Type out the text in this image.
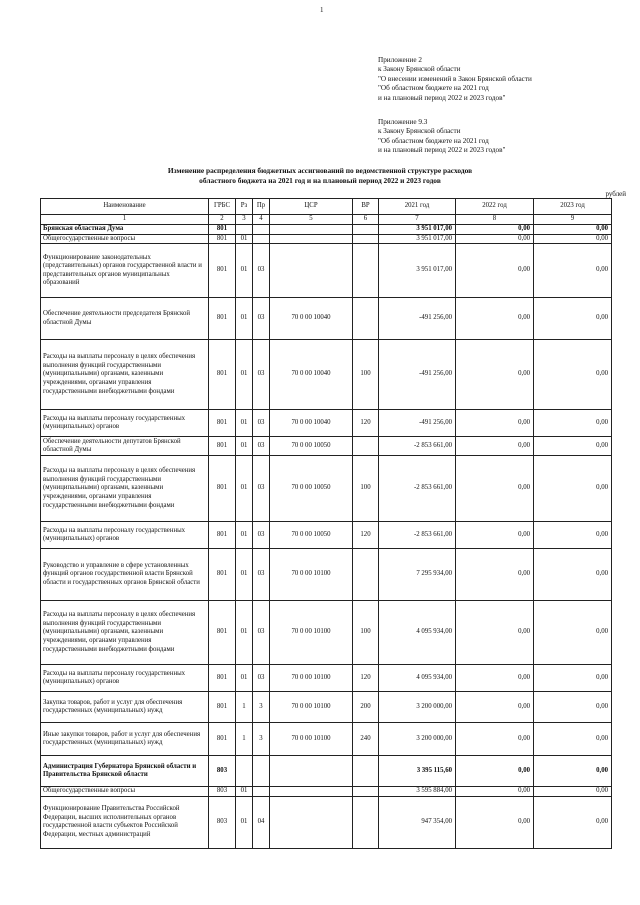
1
Приложение 2
к Закону Брянской области
"О внесении изменений в Закон Брянской области
"Об областном бюджете на 2021 год
и на плановый период 2022 и 2023 годов"
Приложение 9.3
к Закону Брянской области
"Об областном бюджете на 2021 год
и на плановый период 2022 и 2023 годов"
Изменение распределения бюджетных ассигнований по ведомственной структуре расходов
областного бюджета на 2021 год и на плановый период 2022 и 2023 годов
рублей
Наименование	ГРБС	Рз	Пр	ЦСР	ВР	2021 год	2022 год	2023 год
1	2	3	4	5	6	7	8	9
Брянская областная Дума	801					3 951 017,00	0,00	0,00
Общегосударственные вопросы	801	01				3 951 017,00	0,00	0,00
Функционирование законодательных (представительных) органов государственной власти и представительных органов муниципальных образований	801	01	03			3 951 017,00	0,00	0,00
Обеспечение деятельности председателя Брянской областной Думы	801	01	03	70 0 00 10040		-491 256,00	0,00	0,00
Расходы на выплаты персоналу в целях обеспечения выполнения функций государственными (муниципальными) органами, казенными учреждениями, органами управления государственными внебюджетными фондами	801	01	03	70 0 00 10040	100	-491 256,00	0,00	0,00
Расходы на выплаты персоналу государственных (муниципальных) органов	801	01	03	70 0 00 10040	120	-491 256,00	0,00	0,00
Обеспечение деятельности депутатов Брянской областной Думы	801	01	03	70 0 00 10050		-2 853 661,00	0,00	0,00
Расходы на выплаты персоналу в целях обеспечения выполнения функций государственными (муниципальными) органами, казенными учреждениями, органами управления государственными внебюджетными фондами	801	01	03	70 0 00 10050	100	-2 853 661,00	0,00	0,00
Расходы на выплаты персоналу государственных (муниципальных) органов	801	01	03	70 0 00 10050	120	-2 853 661,00	0,00	0,00
Руководство и управление в сфере установленных функций органов государственной власти Брянской области и государственных органов Брянской области	801	01	03	70 0 00 10100		7 295 934,00	0,00	0,00
Расходы на выплаты персоналу в целях обеспечения выполнения функций государственными (муниципальными) органами, казенными учреждениями, органами управления государственными внебюджетными фондами	801	01	03	70 0 00 10100	100	4 095 934,00	0,00	0,00
Расходы на выплаты персоналу государственных (муниципальных) органов	801	01	03	70 0 00 10100	120	4 095 934,00	0,00	0,00
Закупка товаров, работ и услуг для обеспечения государственных (муниципальных) нужд	801	1	3	70 0 00 10100	200	3 200 000,00	0,00	0,00
Иные закупки товаров, работ и услуг для обеспечения государственных (муниципальных) нужд	801	1	3	70 0 00 10100	240	3 200 000,00	0,00	0,00
Администрация Губернатора Брянской области и Правительства Брянской области	803					3 395 115,60	0,00	0,00
Общегосударственные вопросы	803	01				3 595 884,00	0,00	0,00
Функционирование Правительства Российской Федерации, высших исполнительных органов государственной власти субъектов Российской Федерации, местных администраций	803	01	04			947 354,00	0,00	0,00
